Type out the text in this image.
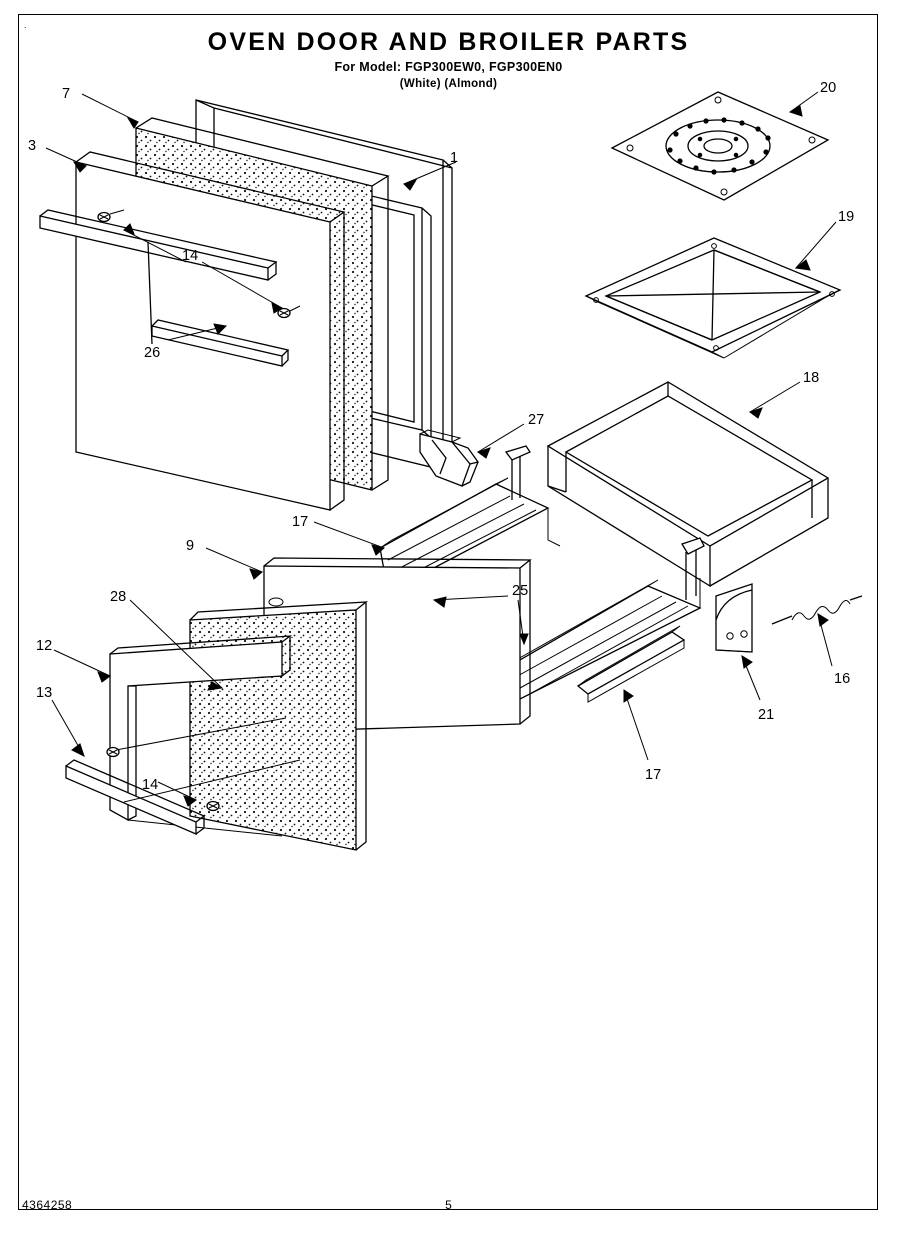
.
OVEN DOOR AND BROILER PARTS
For Model: FGP300EW0, FGP300EN0
(White) (Almond)
7
3
1
20
19
14
26
18
27
17
9
25
28
12
16
13
21
14
17
4364258	5
